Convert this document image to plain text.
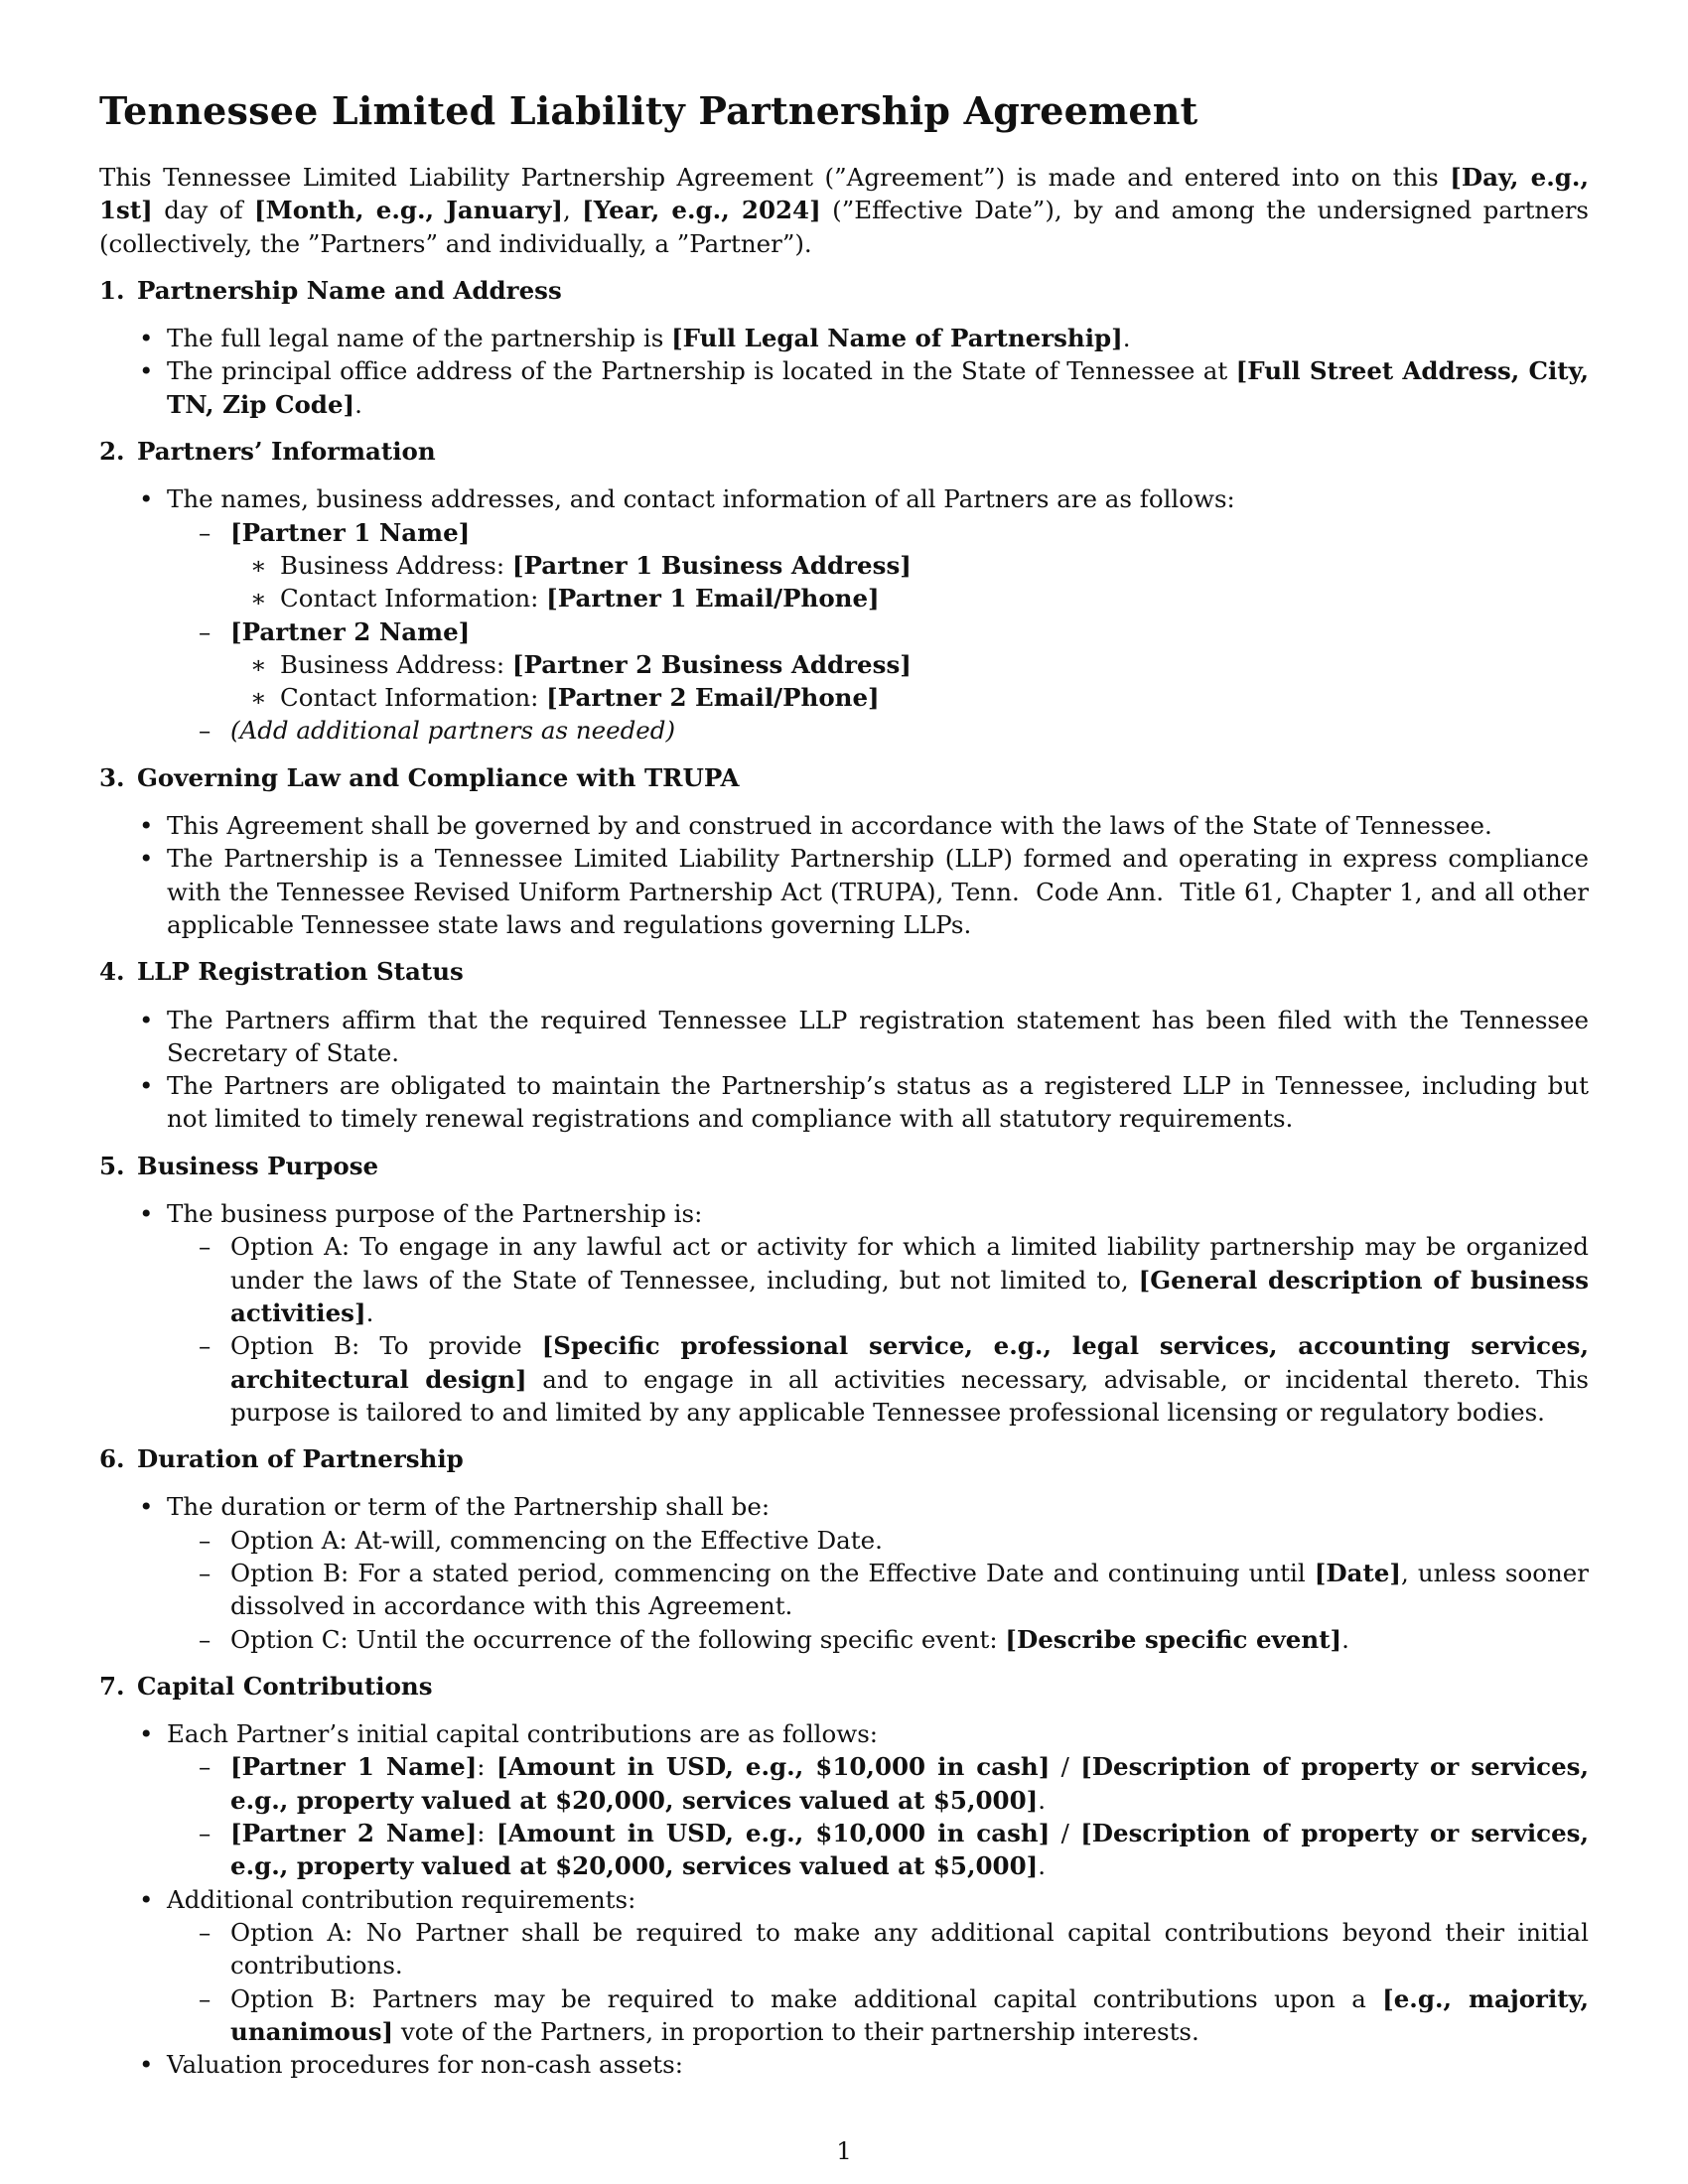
Tennessee Limited Liability Partnership Agreement

This Tennessee Limited Liability Partnership Agreement (”Agreement”) is made and entered into on this [Day, e.g., 1st] day of [Month, e.g., January], [Year, e.g., 2024] (”Effective Date”), by and among the undersigned partners (collectively, the ”Partners” and individually, a ”Partner”).

1. Partnership Name and Address

• The full legal name of the partnership is [Full Legal Name of Partnership].
• The principal office address of the Partnership is located in the State of Tennessee at [Full Street Address, City, TN, Zip Code].

2. Partners’ Information

• The names, business addresses, and contact information of all Partners are as follows:
– [Partner 1 Name]
∗ Business Address: [Partner 1 Business Address]
∗ Contact Information: [Partner 1 Email/Phone]
– [Partner 2 Name]
∗ Business Address: [Partner 2 Business Address]
∗ Contact Information: [Partner 2 Email/Phone]
– (Add additional partners as needed)

3. Governing Law and Compliance with TRUPA

• This Agreement shall be governed by and construed in accordance with the laws of the State of Tennessee.
• The Partnership is a Tennessee Limited Liability Partnership (LLP) formed and operating in express compliance with the Tennessee Revised Uniform Partnership Act (TRUPA), Tenn.  Code Ann.  Title 61, Chapter 1, and all other applicable Tennessee state laws and regulations governing LLPs.

4. LLP Registration Status

• The Partners affirm that the required Tennessee LLP registration statement has been filed with the Tennessee Secretary of State.
• The Partners are obligated to maintain the Partnership’s status as a registered LLP in Tennessee, including but not limited to timely renewal registrations and compliance with all statutory requirements.

5. Business Purpose

• The business purpose of the Partnership is:
– Option A: To engage in any lawful act or activity for which a limited liability partnership may be organized under the laws of the State of Tennessee, including, but not limited to, [General description of business activities].
– Option B: To provide [Specific professional service, e.g., legal services, accounting services, architectural design] and to engage in all activities necessary, advisable, or incidental thereto. This purpose is tailored to and limited by any applicable Tennessee professional licensing or regulatory bodies.

6. Duration of Partnership

• The duration or term of the Partnership shall be:
– Option A: At-will, commencing on the Effective Date.
– Option B: For a stated period, commencing on the Effective Date and continuing until [Date], unless sooner dissolved in accordance with this Agreement.
– Option C: Until the occurrence of the following specific event: [Describe specific event].

7. Capital Contributions

• Each Partner’s initial capital contributions are as follows:
– [Partner 1 Name]: [Amount in USD, e.g., $10,000 in cash] / [Description of property or services, e.g., property valued at $20,000, services valued at $5,000].
– [Partner 2 Name]: [Amount in USD, e.g., $10,000 in cash] / [Description of property or services, e.g., property valued at $20,000, services valued at $5,000].
• Additional contribution requirements:
– Option A: No Partner shall be required to make any additional capital contributions beyond their initial contributions.
– Option B: Partners may be required to make additional capital contributions upon a [e.g., majority, unanimous] vote of the Partners, in proportion to their partnership interests.
• Valuation procedures for non-cash assets:
1
